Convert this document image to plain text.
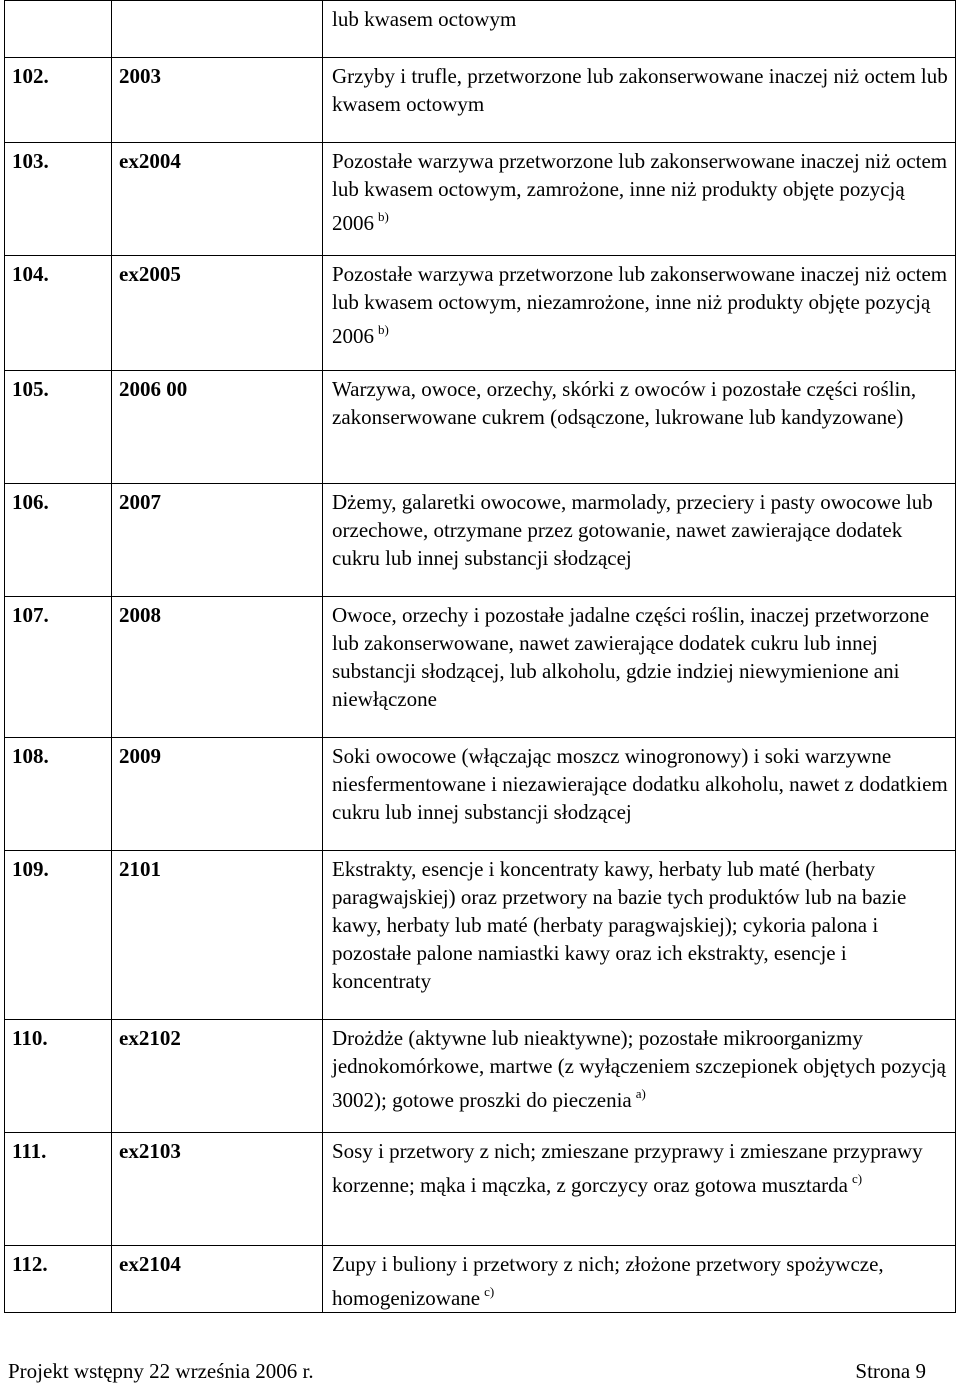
		lub kwasem octowym

102.	2003	Grzyby i trufle, przetworzone lub zakonserwowane inaczej niż octem lub kwasem octowym

103.	ex2004	Pozostałe warzywa przetworzone lub zakonserwowane inaczej niż octem lub kwasem octowym, zamrożone, inne niż produkty objęte pozycją 2006 $^{b)}$

104.	ex2005	Pozostałe warzywa przetworzone lub zakonserwowane inaczej niż octem lub kwasem octowym, niezamrożone, inne niż produkty objęte pozycją 2006 $^{b)}$

105.	2006 00	Warzywa, owoce, orzechy, skórki z owoców i pozostałe części roślin, zakonserwowane cukrem (odsączone, lukrowane lub kandyzowane)

106.	2007	Dżemy, galaretki owocowe, marmolady, przeciery i pasty owocowe lub orzechowe, otrzymane przez gotowanie, nawet zawierające dodatek cukru lub innej substancji słodzącej

107.	2008	Owoce, orzechy i pozostałe jadalne części roślin, inaczej przetworzone lub zakonserwowane, nawet zawierające dodatek cukru lub innej substancji słodzącej, lub alkoholu, gdzie indziej niewymienione ani niewłączone

108.	2009	Soki owocowe (włączając moszcz winogronowy) i soki warzywne niesfermentowane i niezawierające dodatku alkoholu, nawet z dodatkiem cukru lub innej substancji słodzącej

109.	2101	Ekstrakty, esencje i koncentraty kawy, herbaty lub maté (herbaty paragwajskiej) oraz przetwory na bazie tych produktów lub na bazie kawy, herbaty lub maté (herbaty paragwajskiej); cykoria palona i pozostałe palone namiastki kawy oraz ich ekstrakty, esencje i koncentraty

110.	ex2102	Drożdże (aktywne lub nieaktywne); pozostałe mikroorganizmy jednokomórkowe, martwe (z wyłączeniem szczepionek objętych pozycją 3002); gotowe proszki do pieczenia $^{a)}$

111.	ex2103	Sosy i przetwory z nich; zmieszane przyprawy i zmieszane przyprawy korzenne; mąka i mączka, z gorczycy oraz gotowa musztarda $^{c)}$

112.	ex2104	Zupy i buliony i przetwory z nich; złożone przetwory spożywcze, homogenizowane $^{c)}$
Projekt wstępny 22 września 2006 r.	Strona 9
